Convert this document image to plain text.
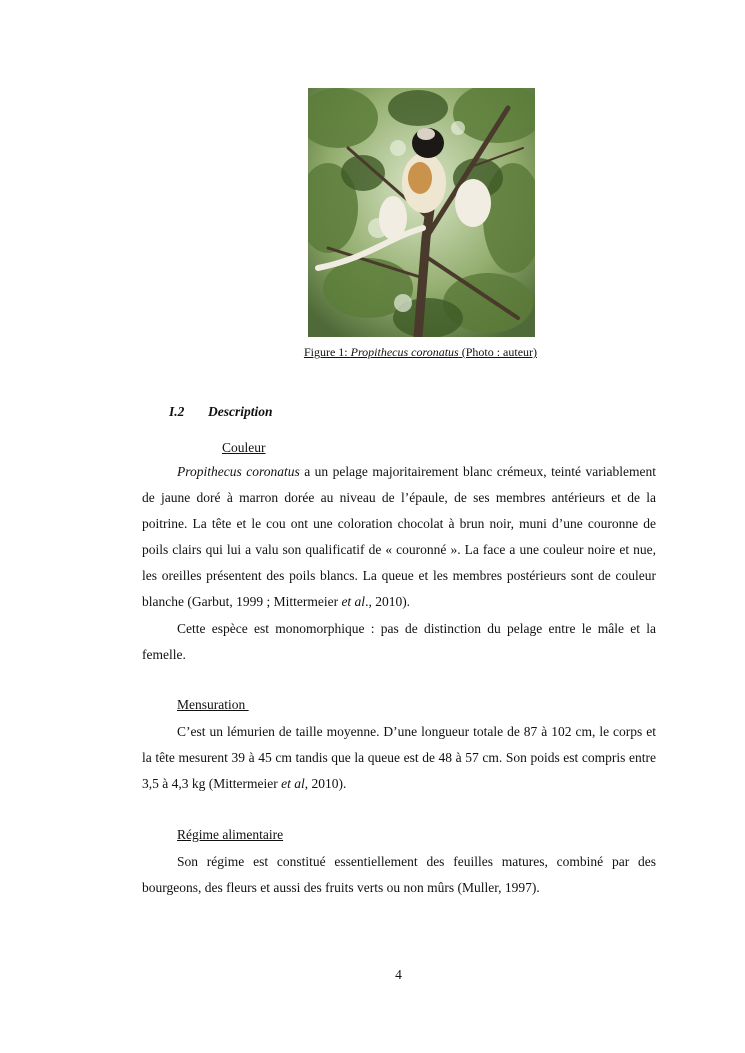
Figure 1: Propithecus coronatus (Photo : auteur)
I.2 Description
Couleur

Propithecus coronatus a un pelage majoritairement blanc crémeux, teinté variablement de jaune doré à marron dorée au niveau de l’épaule, de ses membres antérieurs et de la poitrine. La tête et le cou ont une coloration chocolat à brun noir, muni d’une couronne de poils clairs qui lui a valu son qualificatif de « couronné ». La face a une couleur noire et nue, les oreilles présentent des poils blancs. La queue et les membres postérieurs sont de couleur blanche (Garbut, 1999 ; Mittermeier et al., 2010).

Cette espèce est monomorphique : pas de distinction du pelage entre le mâle et la femelle.

Mensuration

C’est un lémurien de taille moyenne. D’une longueur totale de 87 à 102 cm, le corps et la tête mesurent 39 à 45 cm tandis que la queue est de 48 à 57 cm. Son poids est compris entre 3,5 à 4,3 kg (Mittermeier et al, 2010).

Régime alimentaire

Son régime est constitué essentiellement des feuilles matures, combiné par des bourgeons, des fleurs et aussi des fruits verts ou non mûrs (Muller, 1997).

4
